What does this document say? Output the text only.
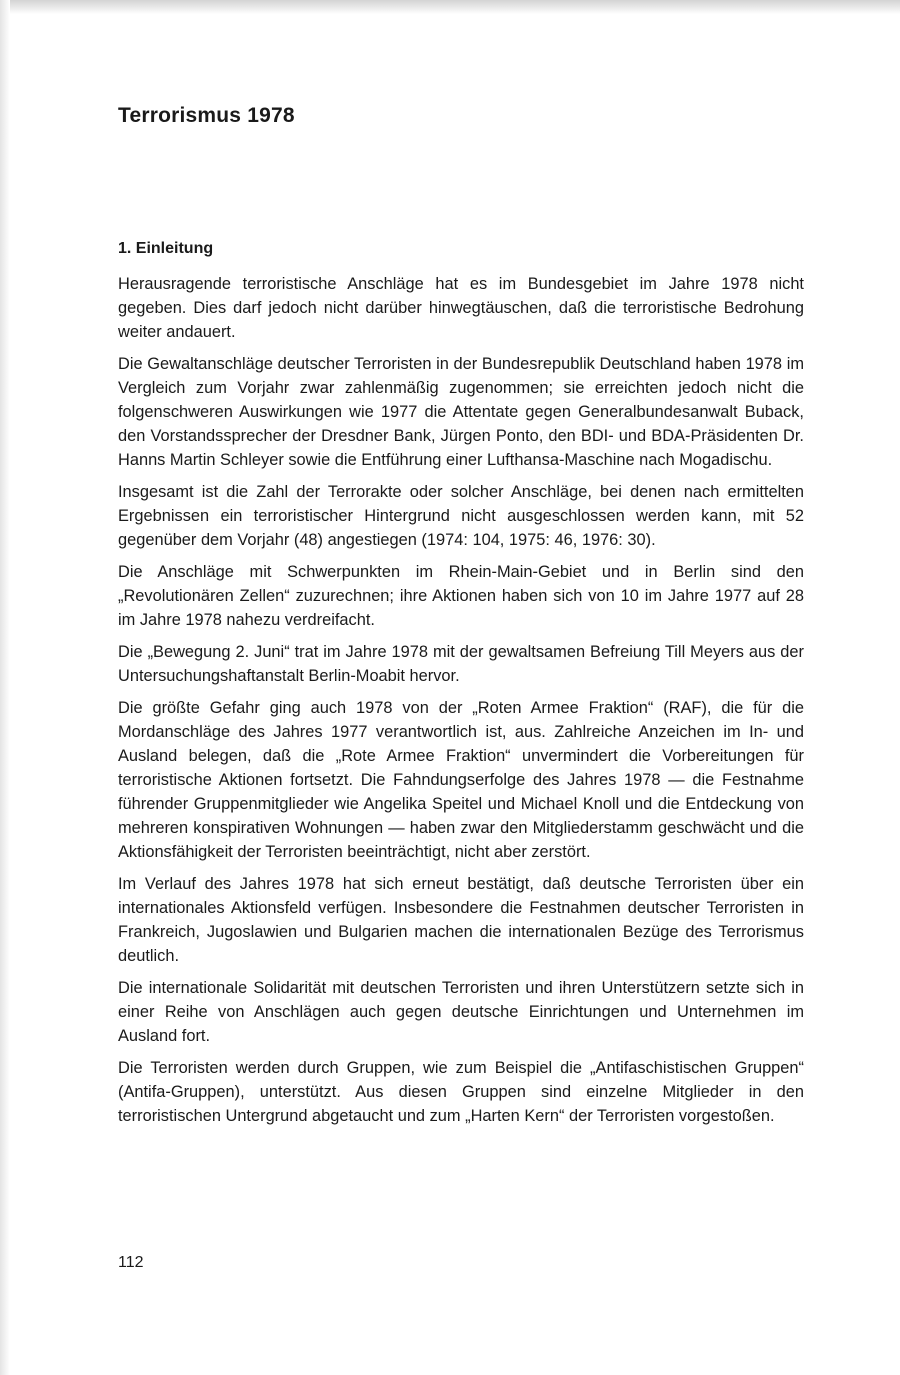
Terrorismus 1978
1. Einleitung

Herausragende terroristische Anschläge hat es im Bundesgebiet im Jahre 1978 nicht gegeben. Dies darf jedoch nicht darüber hinwegtäuschen, daß die terroristische Bedrohung weiter andauert.

Die Gewaltanschläge deutscher Terroristen in der Bundesrepublik Deutschland haben 1978 im Vergleich zum Vorjahr zwar zahlenmäßig zugenommen; sie erreichten jedoch nicht die folgenschweren Auswirkungen wie 1977 die Attentate gegen Generalbundesanwalt Buback, den Vorstandssprecher der Dresdner Bank, Jürgen Ponto, den BDI- und BDA-Präsidenten Dr. Hanns Martin Schleyer sowie die Entführung einer Lufthansa-Maschine nach Mogadischu.

Insgesamt ist die Zahl der Terrorakte oder solcher Anschläge, bei denen nach ermittelten Ergebnissen ein terroristischer Hintergrund nicht ausgeschlossen werden kann, mit 52 gegenüber dem Vorjahr (48) angestiegen (1974: 104, 1975: 46, 1976: 30).

Die Anschläge mit Schwerpunkten im Rhein-Main-Gebiet und in Berlin sind den „Revolutionären Zellen“ zuzurechnen; ihre Aktionen haben sich von 10 im Jahre 1977 auf 28 im Jahre 1978 nahezu verdreifacht.

Die „Bewegung 2. Juni“ trat im Jahre 1978 mit der gewaltsamen Befreiung Till Meyers aus der Untersuchungshaftanstalt Berlin-Moabit hervor.

Die größte Gefahr ging auch 1978 von der „Roten Armee Fraktion“ (RAF), die für die Mordanschläge des Jahres 1977 verantwortlich ist, aus. Zahlreiche Anzeichen im In- und Ausland belegen, daß die „Rote Armee Fraktion“ unvermindert die Vorbereitungen für terroristische Aktionen fortsetzt. Die Fahndungserfolge des Jahres 1978 — die Festnahme führender Gruppenmitglieder wie Angelika Speitel und Michael Knoll und die Entdeckung von mehreren konspirativen Wohnungen — haben zwar den Mitgliederstamm geschwächt und die Aktionsfähigkeit der Terroristen beeinträchtigt, nicht aber zerstört.

Im Verlauf des Jahres 1978 hat sich erneut bestätigt, daß deutsche Terroristen über ein internationales Aktionsfeld verfügen. Insbesondere die Festnahmen deutscher Terroristen in Frankreich, Jugoslawien und Bulgarien machen die internationalen Bezüge des Terrorismus deutlich.

Die internationale Solidarität mit deutschen Terroristen und ihren Unterstützern setzte sich in einer Reihe von Anschlägen auch gegen deutsche Einrichtungen und Unternehmen im Ausland fort.

Die Terroristen werden durch Gruppen, wie zum Beispiel die „Antifaschistischen Gruppen“ (Antifa-Gruppen), unterstützt. Aus diesen Gruppen sind einzelne Mitglieder in den terroristischen Untergrund abgetaucht und zum „Harten Kern“ der Terroristen vorgestoßen.

112
